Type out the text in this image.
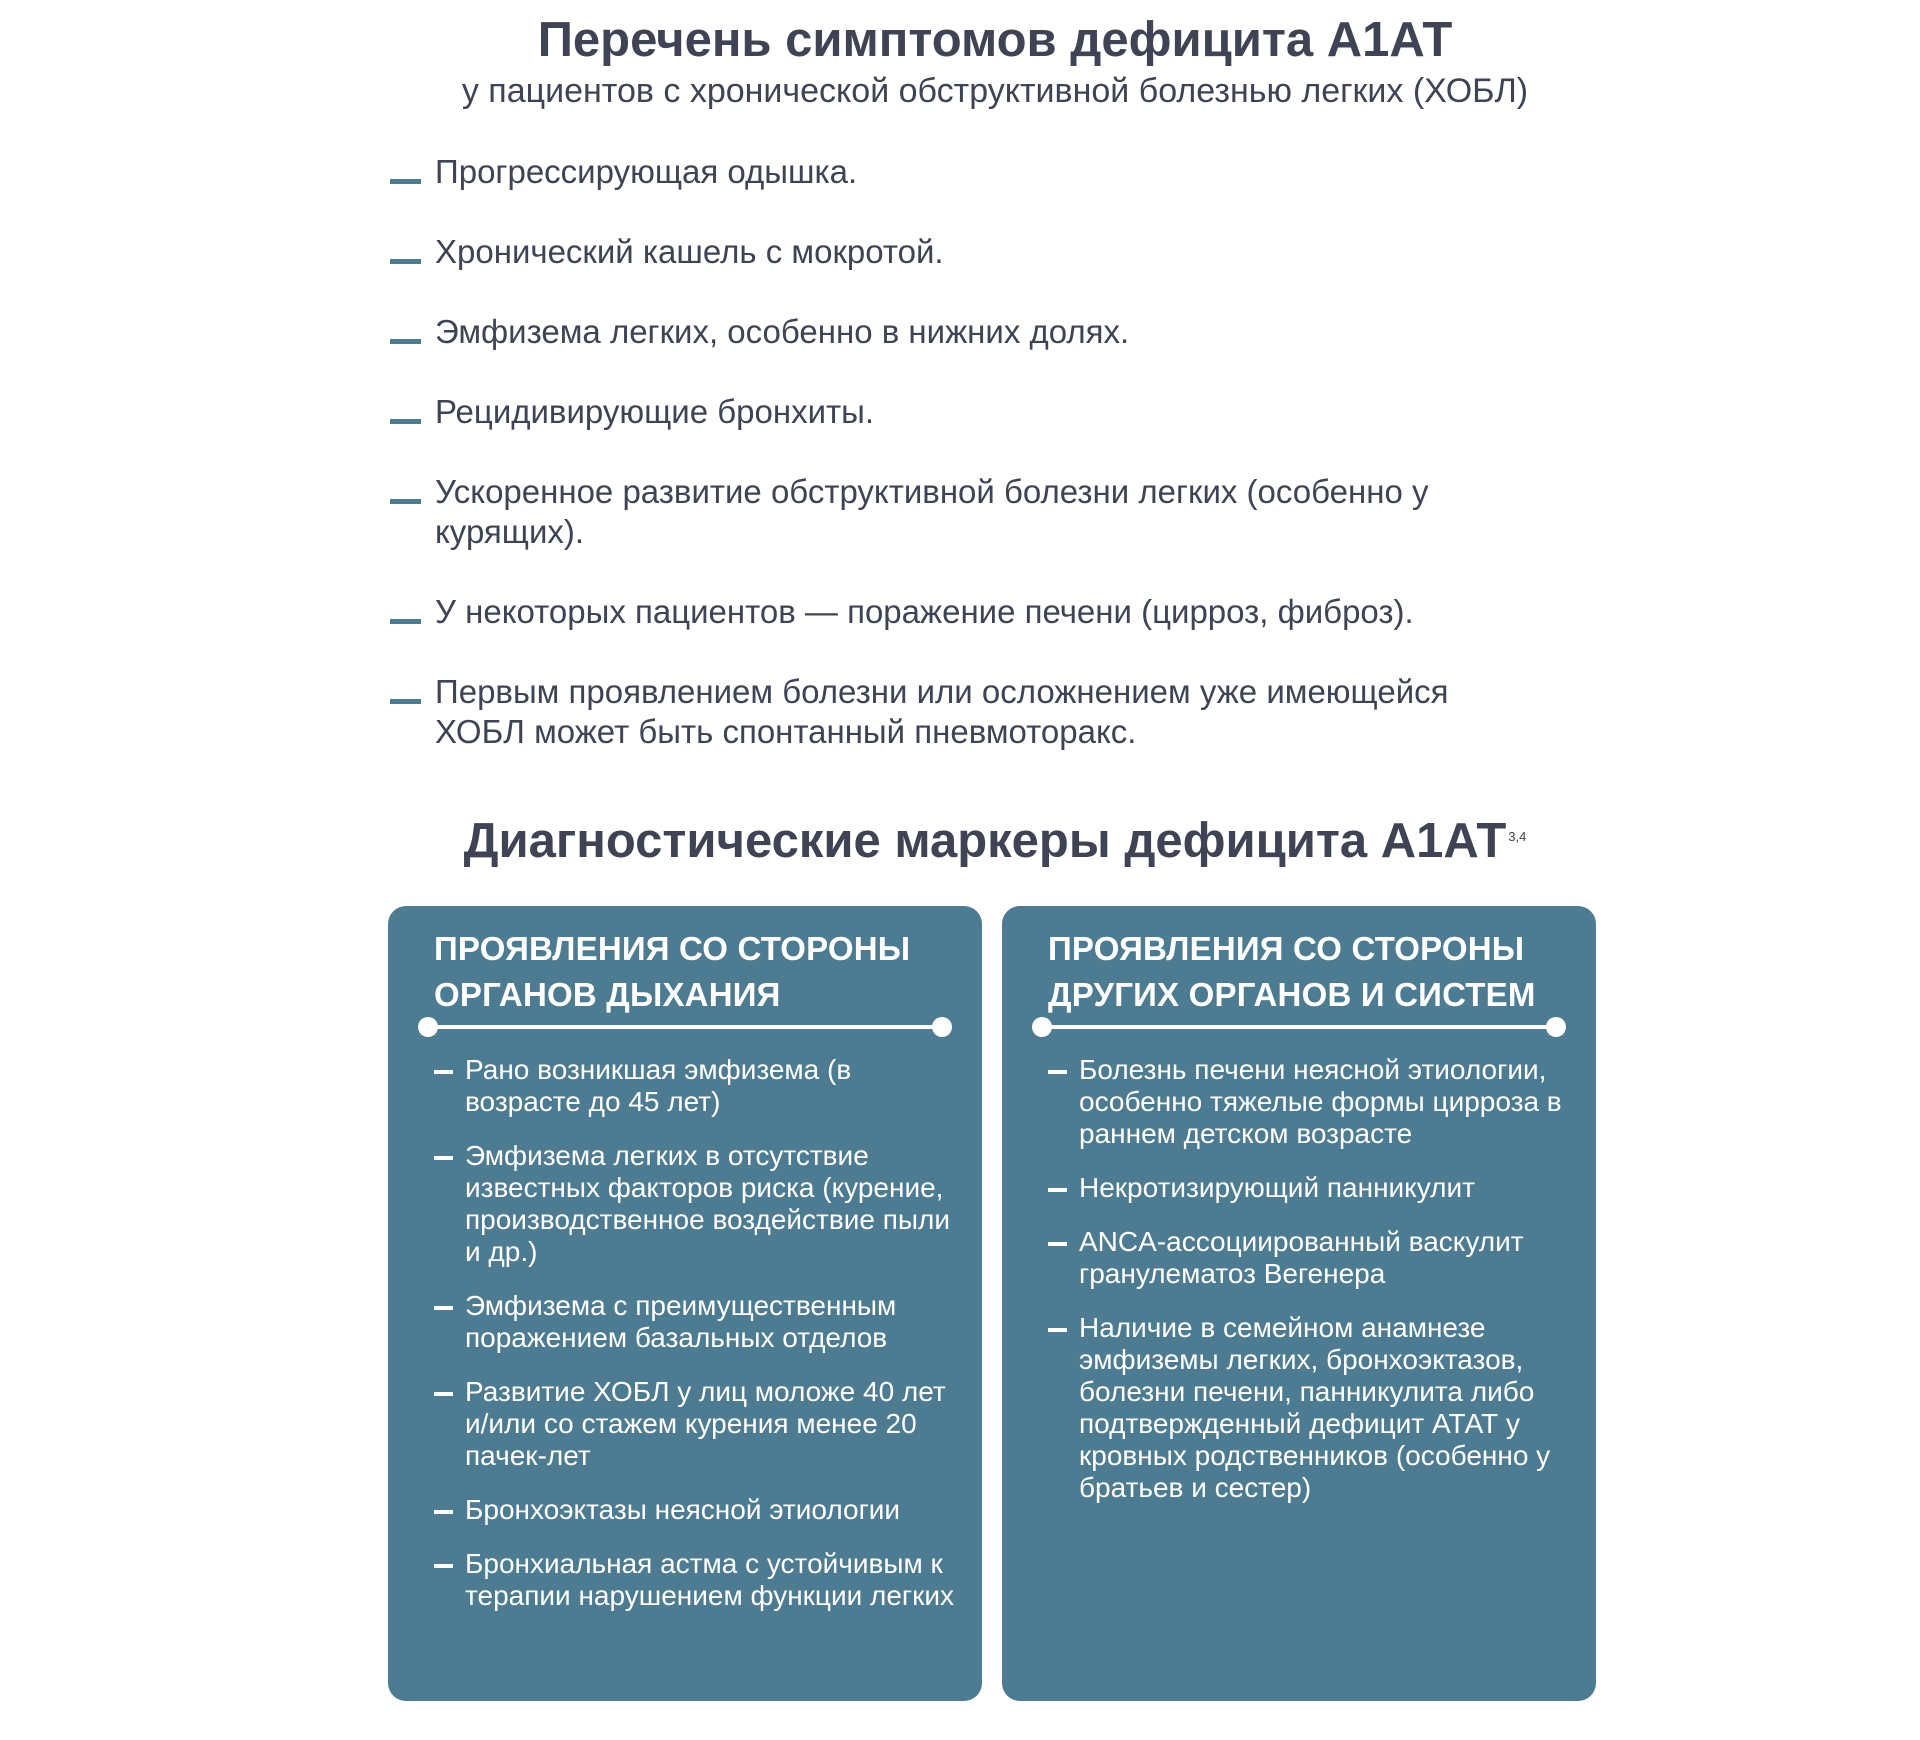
Перечень симптомов дефицита А1АТ

у пациентов с хронической обструктивной болезнью легких (ХОБЛ)

Прогрессирующая одышка.
Хронический кашель с мокротой.
Эмфизема легких, особенно в нижних долях.
Рецидивирующие бронхиты.
Ускоренное развитие обструктивной болезни легких (особенно у курящих).
У некоторых пациентов — поражение печени (цирроз, фиброз).
Первым проявлением болезни или осложнением уже имеющейся ХОБЛ может быть спонтанный пневмоторакс.
Диагностические маркеры дефицита А1АТ $^{3,4}$
ПРОЯВЛЕНИЯ СО СТОРОНЫ ОРГАНОВ ДЫХАНИЯ
Рано возникшая эмфизема (в возрасте до 45 лет)
Эмфизема легких в отсутствие известных факторов риска (курение, производственное воздействие пыли и др.)
Эмфизема с преимущественным поражением базальных отделов
Развитие ХОБЛ у лиц моложе 40 лет и/или со стажем курения менее 20 пачек-лет
Бронхоэктазы неясной этиологии
Бронхиальная астма с устойчивым к терапии нарушением функции легких
ПРОЯВЛЕНИЯ СО СТОРОНЫ ДРУГИХ ОРГАНОВ И СИСТЕМ
Болезнь печени неясной этиологии, особенно тяжелые формы цирроза в раннем детском возрасте
Некротизирующий панникулит
ANCA-ассоциированный васкулит гранулематоз Вегенера
Наличие в семейном анамнезе эмфиземы легких, бронхоэктазов, болезни печени, панникулита либо подтвержденный дефицит АТАТ у кровных родственников (особенно у братьев и сестер)
